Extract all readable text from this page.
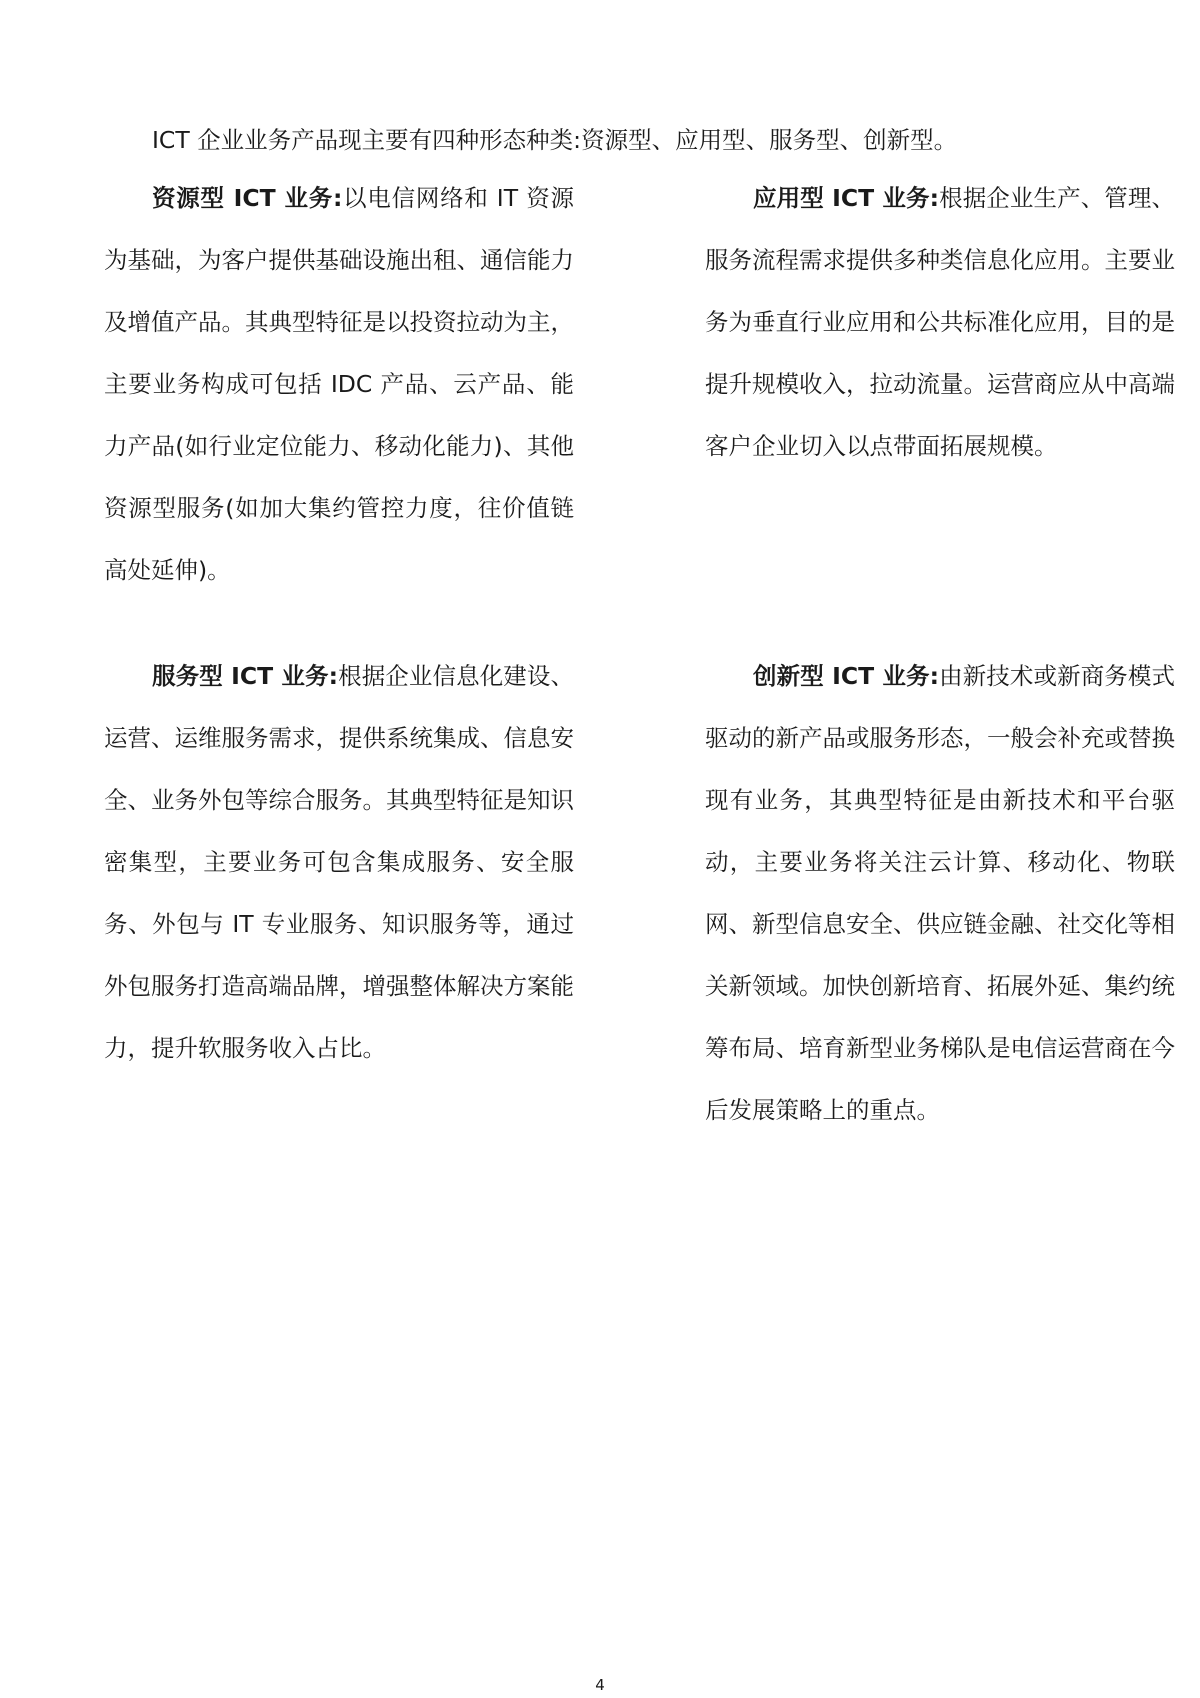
ICT 企业业务产品现主要有四种形态种类:资源型、应用型、服务型、创新型。

资源型 ICT 业务:以电信网络和 IT 资源为基础，为客户提供基础设施出租、通信能力及增值产品。其典型特征是以投资拉动为主，主要业务构成可包括 IDC 产品、云产品、能力产品(如行业定位能力、移动化能力)、其他资源型服务(如加大集约管控力度，往价值链高处延伸)。

服务型 ICT 业务:根据企业信息化建设、运营、运维服务需求，提供系统集成、信息安全、业务外包等综合服务。其典型特征是知识密集型，主要业务可包含集成服务、安全服务、外包与 IT 专业服务、知识服务等，通过外包服务打造高端品牌，增强整体解决方案能力，提升软服务收入占比。

应用型 ICT 业务:根据企业生产、管理、服务流程需求提供多种类信息化应用。主要业务为垂直行业应用和公共标准化应用，目的是提升规模收入，拉动流量。运营商应从中高端客户企业切入以点带面拓展规模。

创新型 ICT 业务:由新技术或新商务模式驱动的新产品或服务形态，一般会补充或替换现有业务，其典型特征是由新技术和平台驱动，主要业务将关注云计算、移动化、物联网、新型信息安全、供应链金融、社交化等相关新领域。加快创新培育、拓展外延、集约统筹布局、培育新型业务梯队是电信运营商在今后发展策略上的重点。

4
